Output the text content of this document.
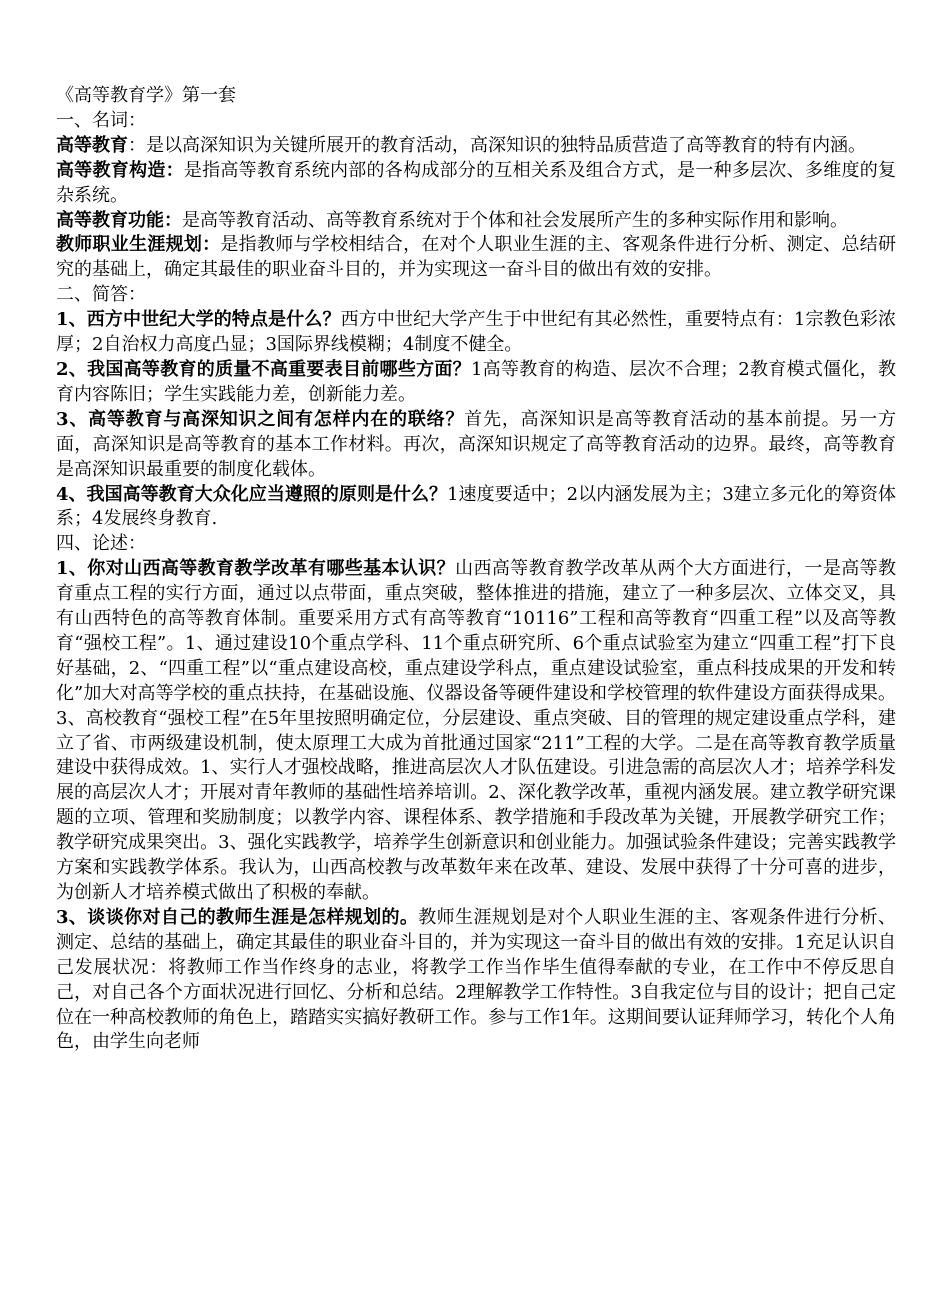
《高等教育学》第一套

一、名词：

高等教育：是以高深知识为关键所展开的教育活动，高深知识的独特品质营造了高等教育的特有内涵。

高等教育构造：是指高等教育系统内部的各构成部分的互相关系及组合方式，是一种多层次、多维度的复杂系统。

高等教育功能：是高等教育活动、高等教育系统对于个体和社会发展所产生的多种实际作用和影响。

教师职业生涯规划：是指教师与学校相结合，在对个人职业生涯的主、客观条件进行分析、测定、总结研究的基础上，确定其最佳的职业奋斗目的，并为实现这一奋斗目的做出有效的安排。

二、简答：

1、西方中世纪大学的特点是什么？西方中世纪大学产生于中世纪有其必然性，重要特点有：1宗教色彩浓厚；2自治权力高度凸显；3国际界线模糊；4制度不健全。

2、我国高等教育的质量不高重要表目前哪些方面？1高等教育的构造、层次不合理；2教育模式僵化，教育内容陈旧；学生实践能力差，创新能力差。

3、高等教育与高深知识之间有怎样内在的联络？首先，高深知识是高等教育活动的基本前提。另一方面，高深知识是高等教育的基本工作材料。再次，高深知识规定了高等教育活动的边界。最终，高等教育是高深知识最重要的制度化载体。

4、我国高等教育大众化应当遵照的原则是什么？1速度要适中；2以内涵发展为主；3建立多元化的筹资体系；4发展终身教育.

四、论述：

1、你对山西高等教育教学改革有哪些基本认识？山西高等教育教学改革从两个大方面进行，一是高等教育重点工程的实行方面，通过以点带面，重点突破，整体推进的措施，建立了一种多层次、立体交叉，具有山西特色的高等教育体制。重要采用方式有高等教育“10116”工程和高等教育“四重工程”以及高等教育“强校工程”。1、通过建设10个重点学科、11个重点研究所、6个重点试验室为建立“四重工程”打下良好基础，2、“四重工程”以“重点建设高校，重点建设学科点，重点建设试验室，重点科技成果的开发和转化”加大对高等学校的重点扶持，在基础设施、仪器设备等硬件建设和学校管理的软件建设方面获得成果。3、高校教育“强校工程”在5年里按照明确定位，分层建设、重点突破、目的管理的规定建设重点学科，建立了省、市两级建设机制，使太原理工大成为首批通过国家“211”工程的大学。二是在高等教育教学质量建设中获得成效。1、实行人才强校战略，推进高层次人才队伍建设。引进急需的高层次人才；培养学科发展的高层次人才；开展对青年教师的基础性培养培训。2、深化教学改革，重视内涵发展。建立教学研究课题的立项、管理和奖励制度；以教学内容、课程体系、教学措施和手段改革为关键，开展教学研究工作；教学研究成果突出。3、强化实践教学，培养学生创新意识和创业能力。加强试验条件建设；完善实践教学方案和实践教学体系。我认为，山西高校教与改革数年来在改革、建设、发展中获得了十分可喜的进步，为创新人才培养模式做出了积极的奉献。

3、谈谈你对自己的教师生涯是怎样规划的。教师生涯规划是对个人职业生涯的主、客观条件进行分析、测定、总结的基础上，确定其最佳的职业奋斗目的，并为实现这一奋斗目的做出有效的安排。1充足认识自己发展状况：将教师工作当作终身的志业，将教学工作当作毕生值得奉献的专业，在工作中不停反思自己，对自己各个方面状况进行回忆、分析和总结。2理解教学工作特性。3自我定位与目的设计；把自己定位在一种高校教师的角色上，踏踏实实搞好教研工作。参与工作1年。这期间要认证拜师学习，转化个人角色，由学生向老师
